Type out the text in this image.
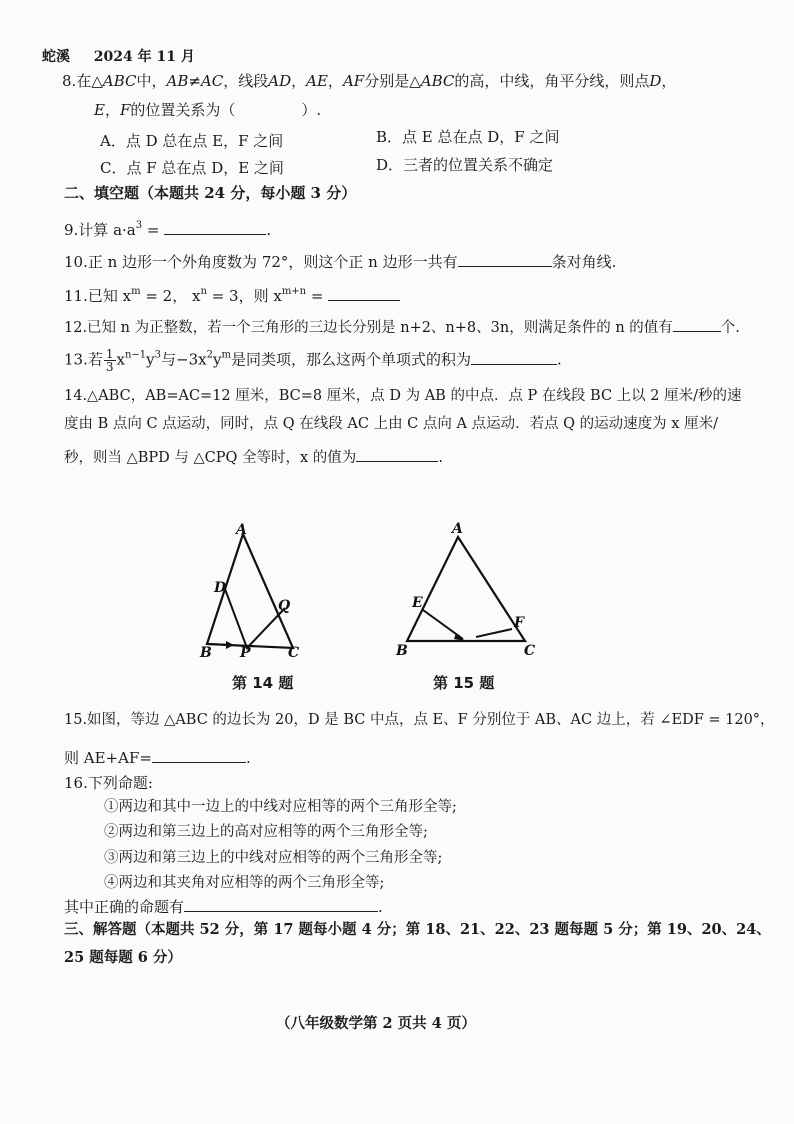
蛇溪 2024 年 11 月
8.在△ABC中，AB≠AC，线段AD，AE，AF分别是△ABC的高，中线，角平分线，则点D，
E，F的位置关系为（	）.
A．点 D 总在点 E，F 之间	B．点 E 总在点 D，F 之间
C．点 F 总在点 D，E 之间	D．三者的位置关系不确定
二、填空题（本题共 24 分，每小题 3 分）
9.计算 $a\cdot a^3$ =	.
10.正 n 边形一个外角度数为 72°，则这个正 n 边形一共有	条对角线.
11.已知 $x^m = 2$， $x^n = 3$，则 $x^{m+n}$ =
12.已知 n 为正整数，若一个三角形的三边长分别是 n+2、n+8、3n，则满足条件的 n 的值有	个.
13.若 $\frac{1}{3} x^{n-1}y^3$与$-3x^2y^m$是同类项，那么这两个单项式的积为	.
14.△ABC，AB=AC=12 厘米，BC=8 厘米，点 D 为 AB 的中点．点 P 在线段 BC 上以 2 厘米/秒的速
度由 B 点向 C 点运动，同时，点 Q 在线段 AC 上由 C 点向 A 点运动．若点 Q 的运动速度为 x 厘米/
秒，则当 △BPD 与 △CPQ 全等时，x 的值为	.
A
D
Q
B P	C
第 14 题
A
E
F
B	C
第 15 题
15.如图，等边 △ABC 的边长为 20，D 是 BC 中点，点 E、F 分别位于 AB、AC 边上，若 ∠EDF = 120°，
则 AE+AF=	.
16.下列命题:
①两边和其中一边上的中线对应相等的两个三角形全等;
②两边和第三边上的高对应相等的两个三角形全等;
③两边和第三边上的中线对应相等的两个三角形全等;
④两边和其夹角对应相等的两个三角形全等;
其中正确的命题有	.
三、解答题（本题共 52 分，第 17 题每小题 4 分；第 18、21、22、23 题每题 5 分；第 19、20、24、
25 题每题 6 分）
（八年级数学第 2 页共 4 页）
